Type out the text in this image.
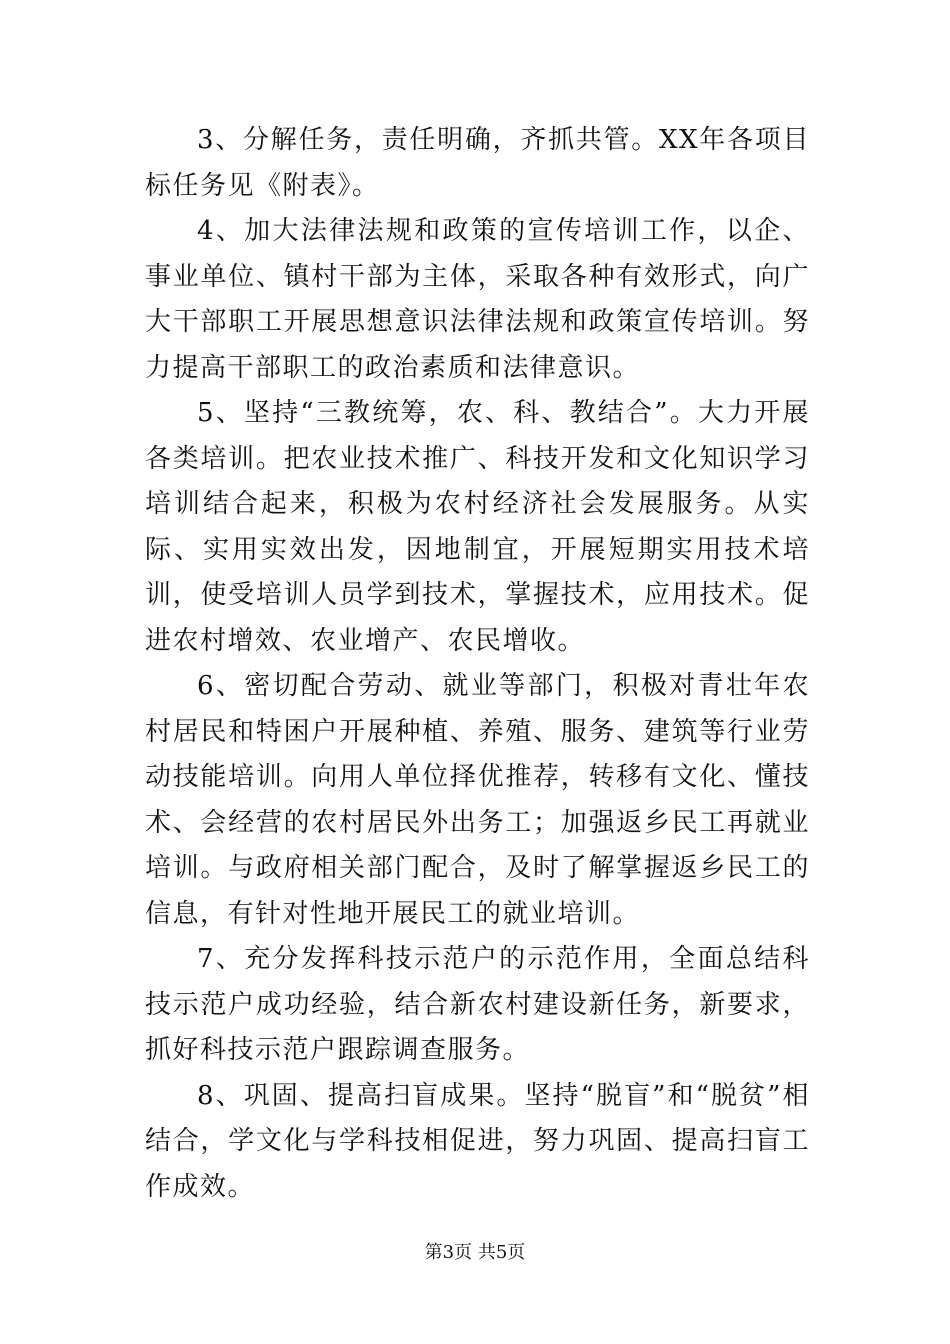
3、分解任务，责任明确，齐抓共管。XX年各项目标任务见《附表》。

4、加大法律法规和政策的宣传培训工作，以企、事业单位、镇村干部为主体，采取各种有效形式，向广大干部职工开展思想意识法律法规和政策宣传培训。努力提高干部职工的政治素质和法律意识。

5、坚持“三教统筹，农、科、教结合”。大力开展各类培训。把农业技术推广、科技开发和文化知识学习培训结合起来，积极为农村经济社会发展服务。从实际、实用实效出发，因地制宜，开展短期实用技术培训，使受培训人员学到技术，掌握技术，应用技术。促进农村增效、农业增产、农民增收。

6、密切配合劳动、就业等部门，积极对青壮年农村居民和特困户开展种植、养殖、服务、建筑等行业劳动技能培训。向用人单位择优推荐，转移有文化、懂技术、会经营的农村居民外出务工；加强返乡民工再就业培训。与政府相关部门配合，及时了解掌握返乡民工的信息，有针对性地开展民工的就业培训。

7、充分发挥科技示范户的示范作用，全面总结科技示范户成功经验，结合新农村建设新任务，新要求，抓好科技示范户跟踪调查服务。

8、巩固、提高扫盲成果。坚持“脱盲”和“脱贫”相结合，学文化与学科技相促进，努力巩固、提高扫盲工作成效。

第3页 共5页
